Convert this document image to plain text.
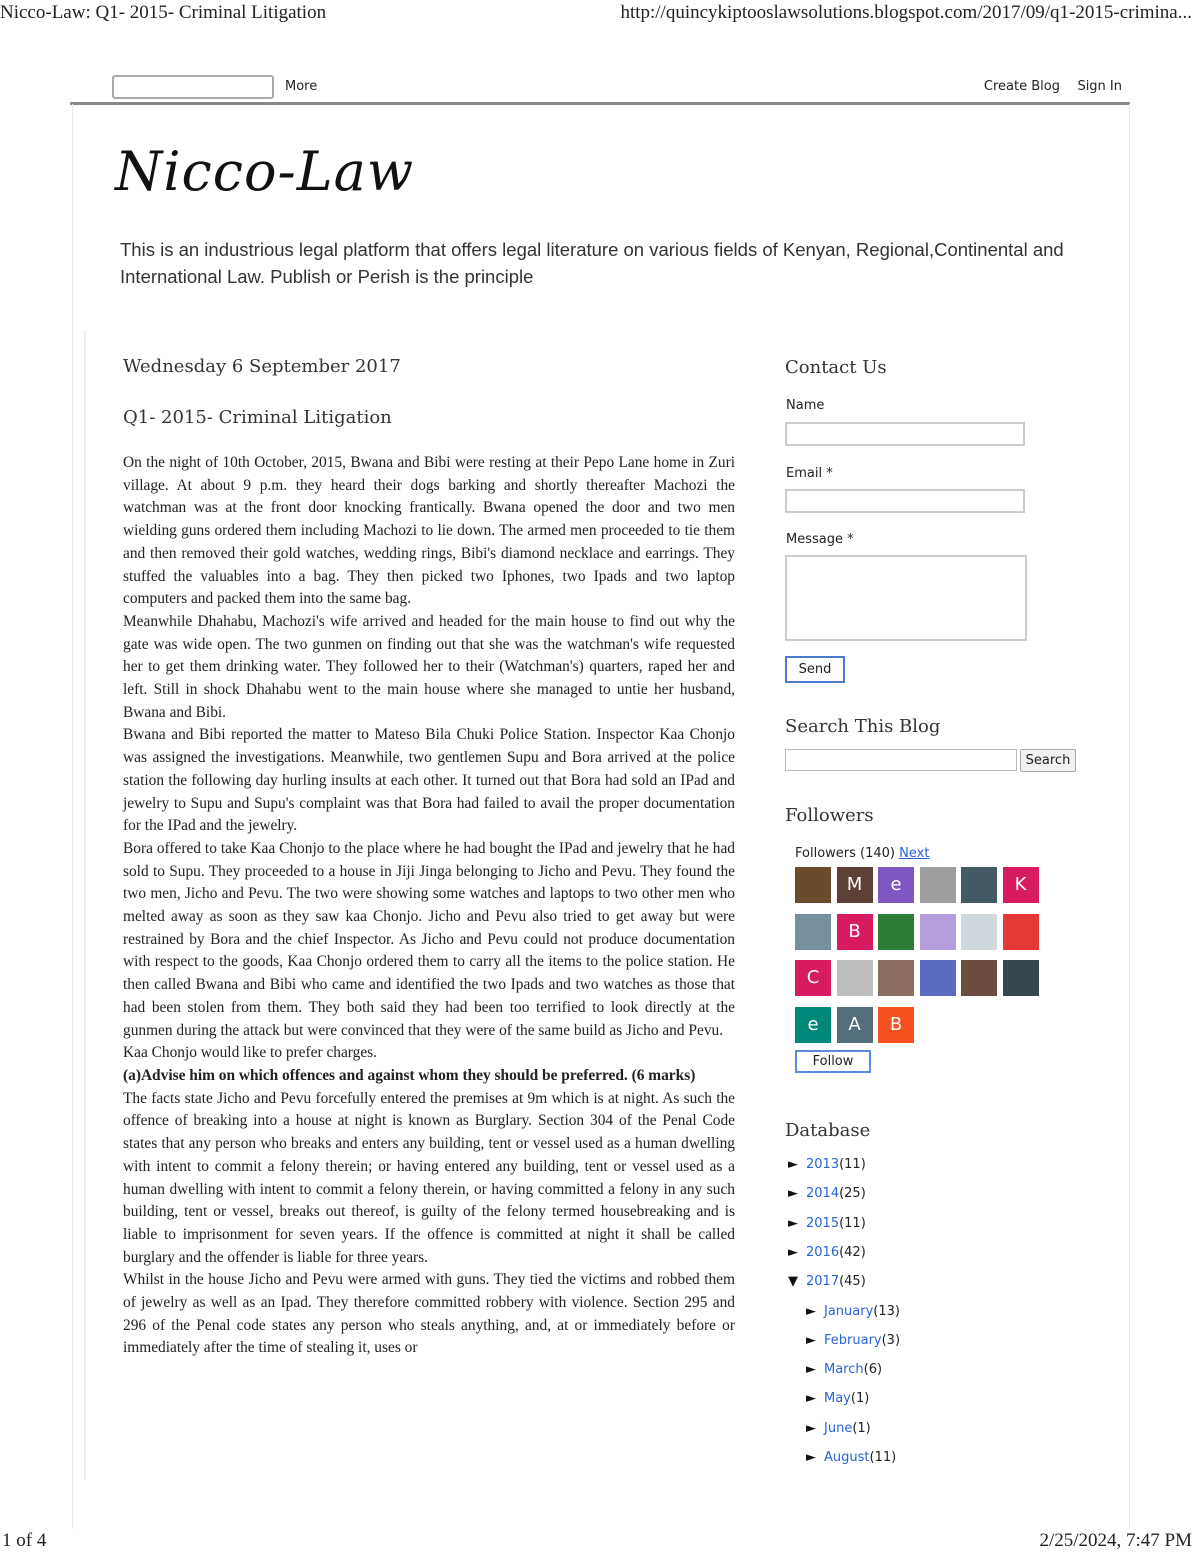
Nicco-Law: Q1- 2015- Criminal Litigation	http://quincykiptooslawsolutions.blogspot.com/2017/09/q1-2015-crimina...
More	Create Blog Sign In
Nicco-Law
This is an industrious legal platform that offers legal literature on various fields of Kenyan, Regional,Continental and International Law. Publish or Perish is the principle
Wednesday 6 September 2017
Q1- 2015- Criminal Litigation

On the night of 10th October, 2015, Bwana and Bibi were resting at their Pepo Lane home in Zuri village. At about 9 p.m. they heard their dogs barking and shortly thereafter Machozi the watchman was at the front door knocking frantically. Bwana opened the door and two men wielding guns ordered them including Machozi to lie down. The armed men proceeded to tie them and then removed their gold watches, wedding rings, Bibi's diamond necklace and earrings. They stuffed the valuables into a bag. They then picked two Iphones, two Ipads and two laptop computers and packed them into the same bag.

Meanwhile Dhahabu, Machozi's wife arrived and headed for the main house to find out why the gate was wide open. The two gunmen on finding out that she was the watchman's wife requested her to get them drinking water. They followed her to their (Watchman's) quarters, raped her and left. Still in shock Dhahabu went to the main house where she managed to untie her husband, Bwana and Bibi.

Bwana and Bibi reported the matter to Mateso Bila Chuki Police Station. Inspector Kaa Chonjo was assigned the investigations. Meanwhile, two gentlemen Supu and Bora arrived at the police station the following day hurling insults at each other. It turned out that Bora had sold an IPad and jewelry to Supu and Supu's complaint was that Bora had failed to avail the proper documentation for the IPad and the jewelry.

Bora offered to take Kaa Chonjo to the place where he had bought the IPad and jewelry that he had sold to Supu. They proceeded to a house in Jiji Jinga belonging to Jicho and Pevu. They found the two men, Jicho and Pevu. The two were showing some watches and laptops to two other men who melted away as soon as they saw kaa Chonjo. Jicho and Pevu also tried to get away but were restrained by Bora and the chief Inspector. As Jicho and Pevu could not produce documentation with respect to the goods, Kaa Chonjo ordered them to carry all the items to the police station. He then called Bwana and Bibi who came and identified the two Ipads and two watches as those that had been stolen from them. They both said they had been too terrified to look directly at the gunmen during the attack but were convinced that they were of the same build as Jicho and Pevu.

Kaa Chonjo would like to prefer charges.

(a)Advise him on which offences and against whom they should be preferred. (6 marks)

The facts state Jicho and Pevu forcefully entered the premises at 9m which is at night. As such the offence of breaking into a house at night is known as Burglary. Section 304 of the Penal Code states that any person who breaks and enters any building, tent or vessel used as a human dwelling with intent to commit a felony therein; or having entered any building, tent or vessel used as a human dwelling with intent to commit a felony therein, or having committed a felony in any such building, tent or vessel, breaks out thereof, is guilty of the felony termed housebreaking and is liable to imprisonment for seven years. If the offence is committed at night it shall be called burglary and the offender is liable for three years.

Whilst in the house Jicho and Pevu were armed with guns. They tied the victims and robbed them of jewelry as well as an Ipad. They therefore committed robbery with violence. Section 295 and 296 of the Penal code states any person who steals anything, and, at or immediately before or immediately after the time of stealing it, uses or

Contact Us
Name
Email *
Message *
Send
Search This Blog
Search
Followers
Followers (140) Next
M	e	K
B
C
e	A	B
Follow
Database
► 2013(11)
► 2014(25)
► 2015(11)
► 2016(42)
▼ 2017(45)
► January(13)
► February(3)
► March(6)
► May(1)
► June(1)
► August(11)
1 of 4	2/25/2024, 7:47 PM
